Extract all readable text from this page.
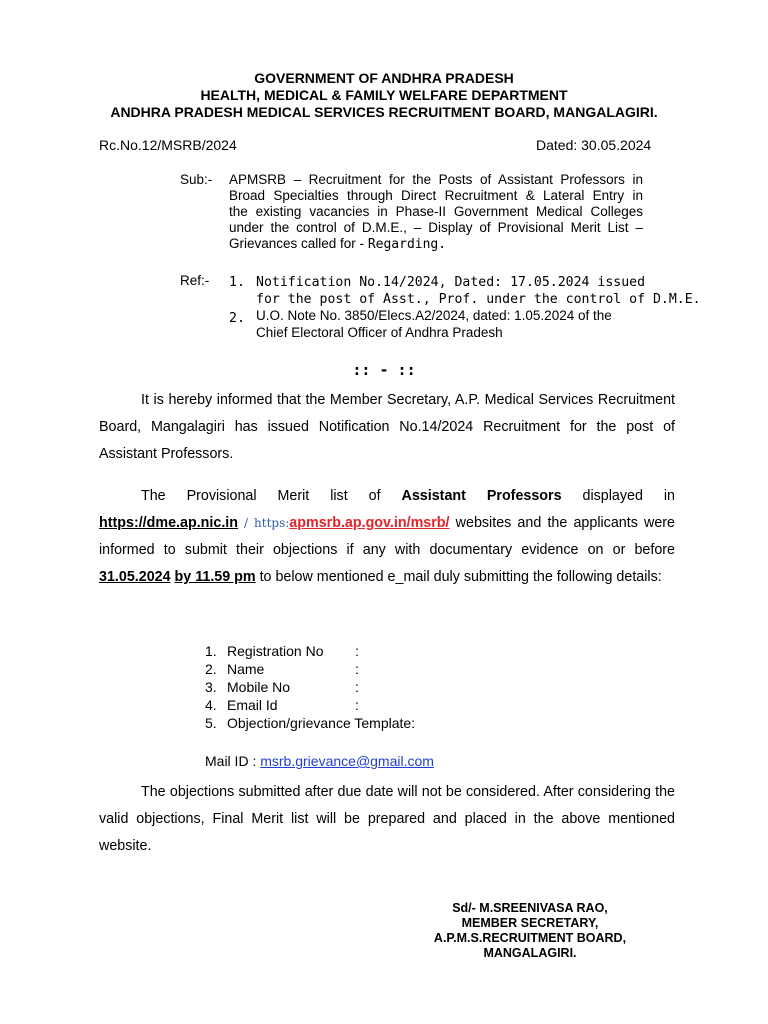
GOVERNMENT OF ANDHRA PRADESH
HEALTH, MEDICAL & FAMILY WELFARE DEPARTMENT
ANDHRA PRADESH MEDICAL SERVICES RECRUITMENT BOARD, MANGALAGIRI.
Rc.No.12/MSRB/2024	Dated: 30.05.2024
Sub:- APMSRB – Recruitment for the Posts of Assistant Professors in
Broad Specialties through Direct Recruitment & Lateral Entry in
the existing vacancies in Phase-II Government Medical Colleges
under the control of D.M.E., – Display of Provisional Merit List –
Grievances called for - Regarding.
Ref:- 1. Notification No.14/2024, Dated: 17.05.2024 issued
for the post of Asst., Prof. under the control of D.M.E.
2. U.O. Note No. 3850/Elecs.A2/2024, dated: 1.05.2024 of the
Chief Electoral Officer of Andhra Pradesh
:: - ::
It is hereby informed that the Member Secretary, A.P. Medical Services Recruitment Board, Mangalagiri has issued Notification No.14/2024 Recruitment for the post of Assistant Professors.
The Provisional Merit list of Assistant Professors displayed in https://dme.ap.nic.in / https:apmsrb.ap.gov.in/msrb/ websites and the applicants were informed to submit their objections if any with documentary evidence on or before 31.05.2024 by 11.59 pm to below mentioned e_mail duly submitting the following details:
1. Registration No :
2. Name	:
3. Mobile No	:
4. Email Id	:
5. Objection/grievance Template:
Mail ID : msrb.grievance@gmail.com
The objections submitted after due date will not be considered. After considering the valid objections, Final Merit list will be prepared and placed in the above mentioned website.
Sd/- M.SREENIVASA RAO,
MEMBER SECRETARY,
A.P.M.S.RECRUITMENT BOARD,
MANGALAGIRI.
